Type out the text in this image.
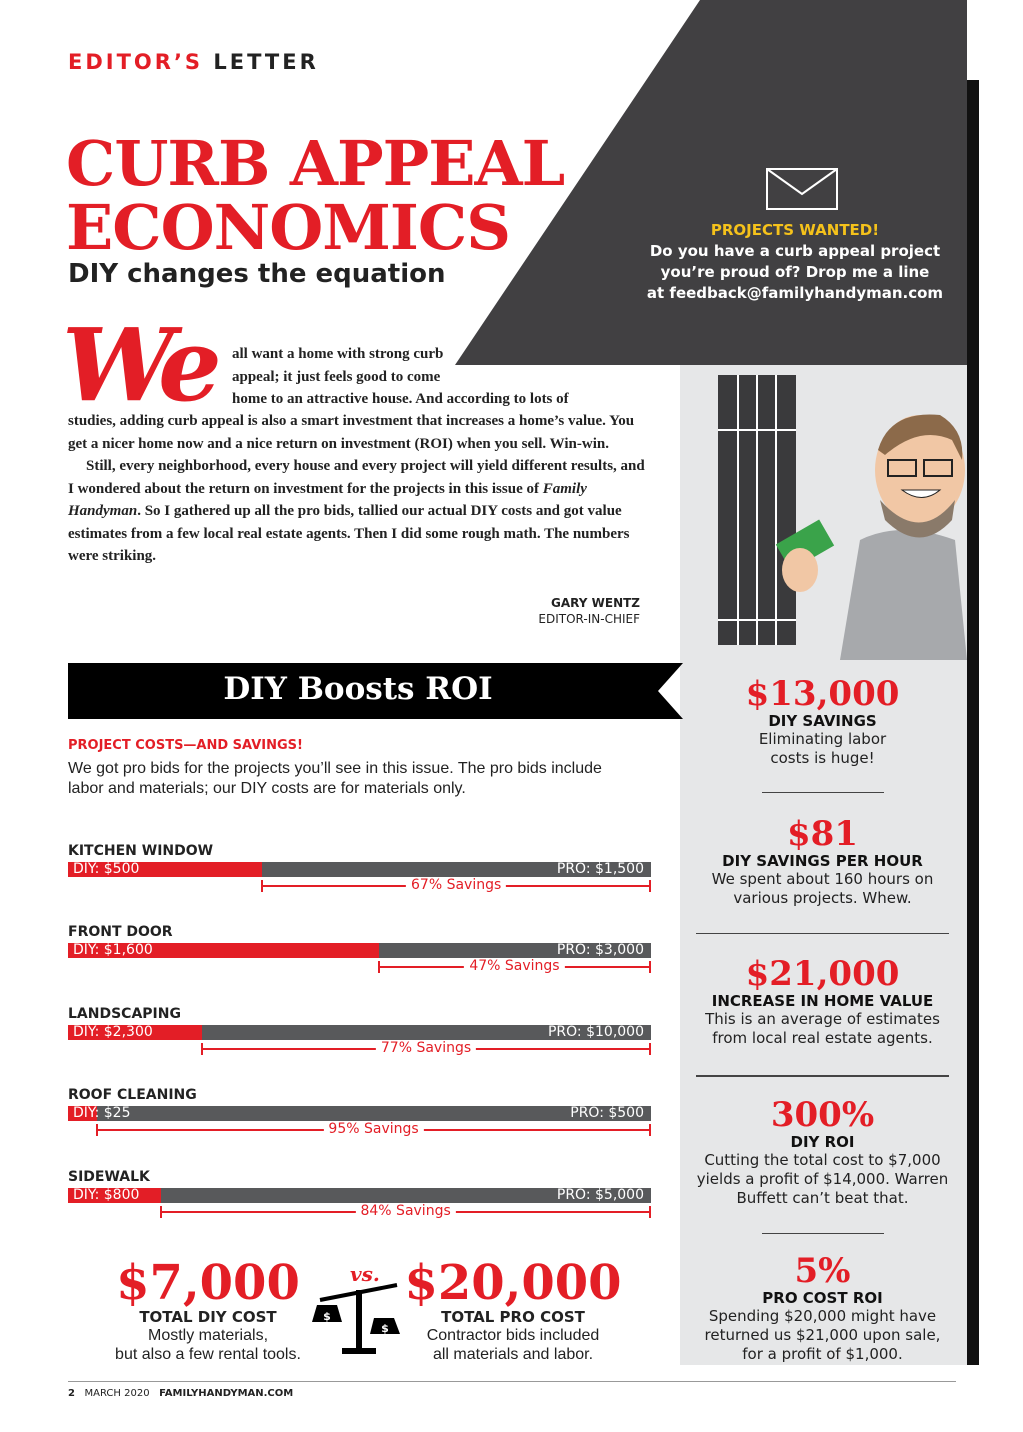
EDITOR’S LETTER
CURB APPEAL
ECONOMICS
DIY changes the equation
PROJECTS WANTED!
Do you have a curb appeal project
you’re proud of? Drop me a line
at feedback@familyhandyman.com
We all want a home with strong curb
appeal; it just feels good to come
home to an attractive house. And according to lots of

studies, adding curb appeal is also a smart investment that increases a home’s value. You get a nicer home now and a nice return on investment (ROI) when you sell. Win-win.

Still, every neighborhood, every house and every project will yield different results, and I wondered about the return on investment for the projects in this issue of Family Handyman. So I gathered up all the pro bids, tallied our actual DIY costs and got value estimates from a few local real estate agents. Then I did some rough math. The numbers were striking.

GARY WENTZ
EDITOR-IN-CHIEF
DIY Boosts ROI
PROJECT COSTS—AND SAVINGS!
We got pro bids for the projects you’ll see in this issue. The pro bids include labor and materials; our DIY costs are for materials only.
KITCHEN WINDOW
DIY: $500	PRO: $1,500
67% Savings
FRONT DOOR
DIY: $1,600	PRO: $3,000
47% Savings
LANDSCAPING
DIY: $2,300	PRO: $10,000
77% Savings
ROOF CLEANING
DIY: $25	PRO: $500
95% Savings
SIDEWALK
DIY: $800	PRO: $5,000
84% Savings
$7,000
TOTAL DIY COST
Mostly materials,
but also a few rental tools.
$
$
vs. $20,000
TOTAL PRO COST
Contractor bids included
all materials and labor.
$13,000
DIY SAVINGS
Eliminating labor costs is huge!
$81
DIY SAVINGS PER HOUR
We spent about 160 hours on various projects. Whew.
$21,000
INCREASE IN HOME VALUE
This is an average of estimates from local real estate agents.
300%
DIY ROI
Cutting the total cost to $7,000 yields a profit of $14,000. Warren Buffett can’t beat that.
5%
PRO COST ROI
Spending $20,000 might have returned us $21,000 upon sale, for a profit of $1,000.
2 MARCH 2020 FAMILYHANDYMAN.COM
